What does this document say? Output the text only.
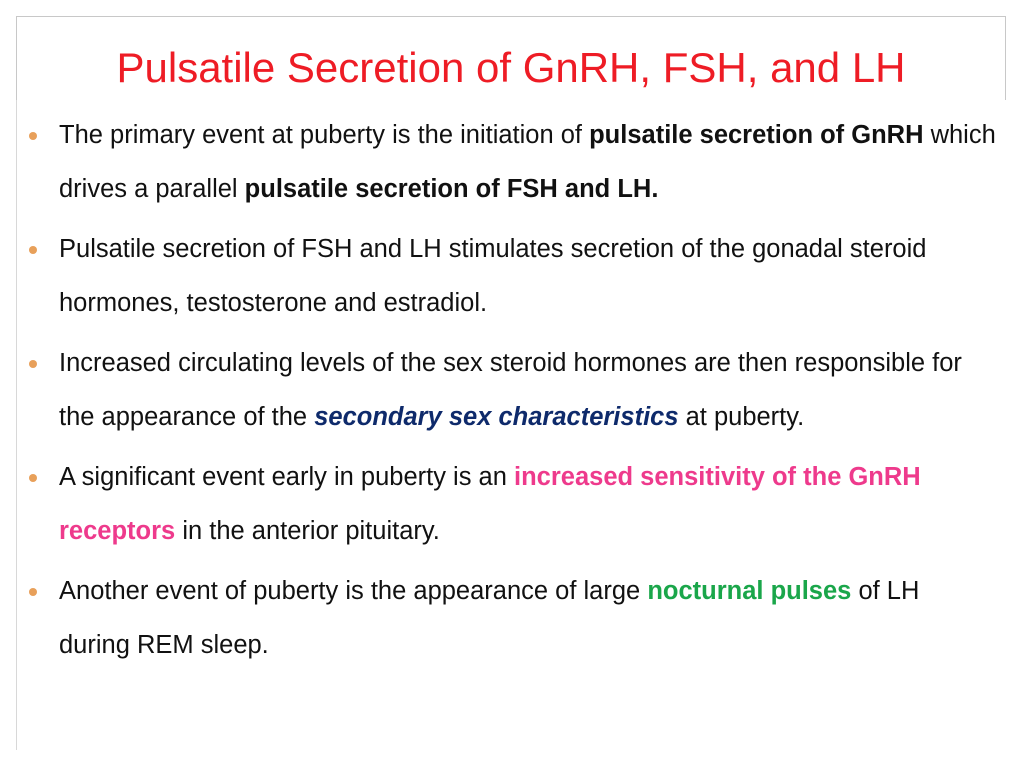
Pulsatile Secretion of GnRH, FSH, and LH
The primary event at puberty is the initiation of pulsatile secretion of GnRH which drives a parallel pulsatile secretion of FSH and LH.
Pulsatile secretion of FSH and LH stimulates secretion of the gonadal steroid hormones, testosterone and estradiol.
Increased circulating levels of the sex steroid hormones are then responsible for the appearance of the secondary sex characteristics at puberty.
A significant event early in puberty is an increased sensitivity of the GnRH receptors in the anterior pituitary.
Another event of puberty is the appearance of large nocturnal pulses of LH during REM sleep.
